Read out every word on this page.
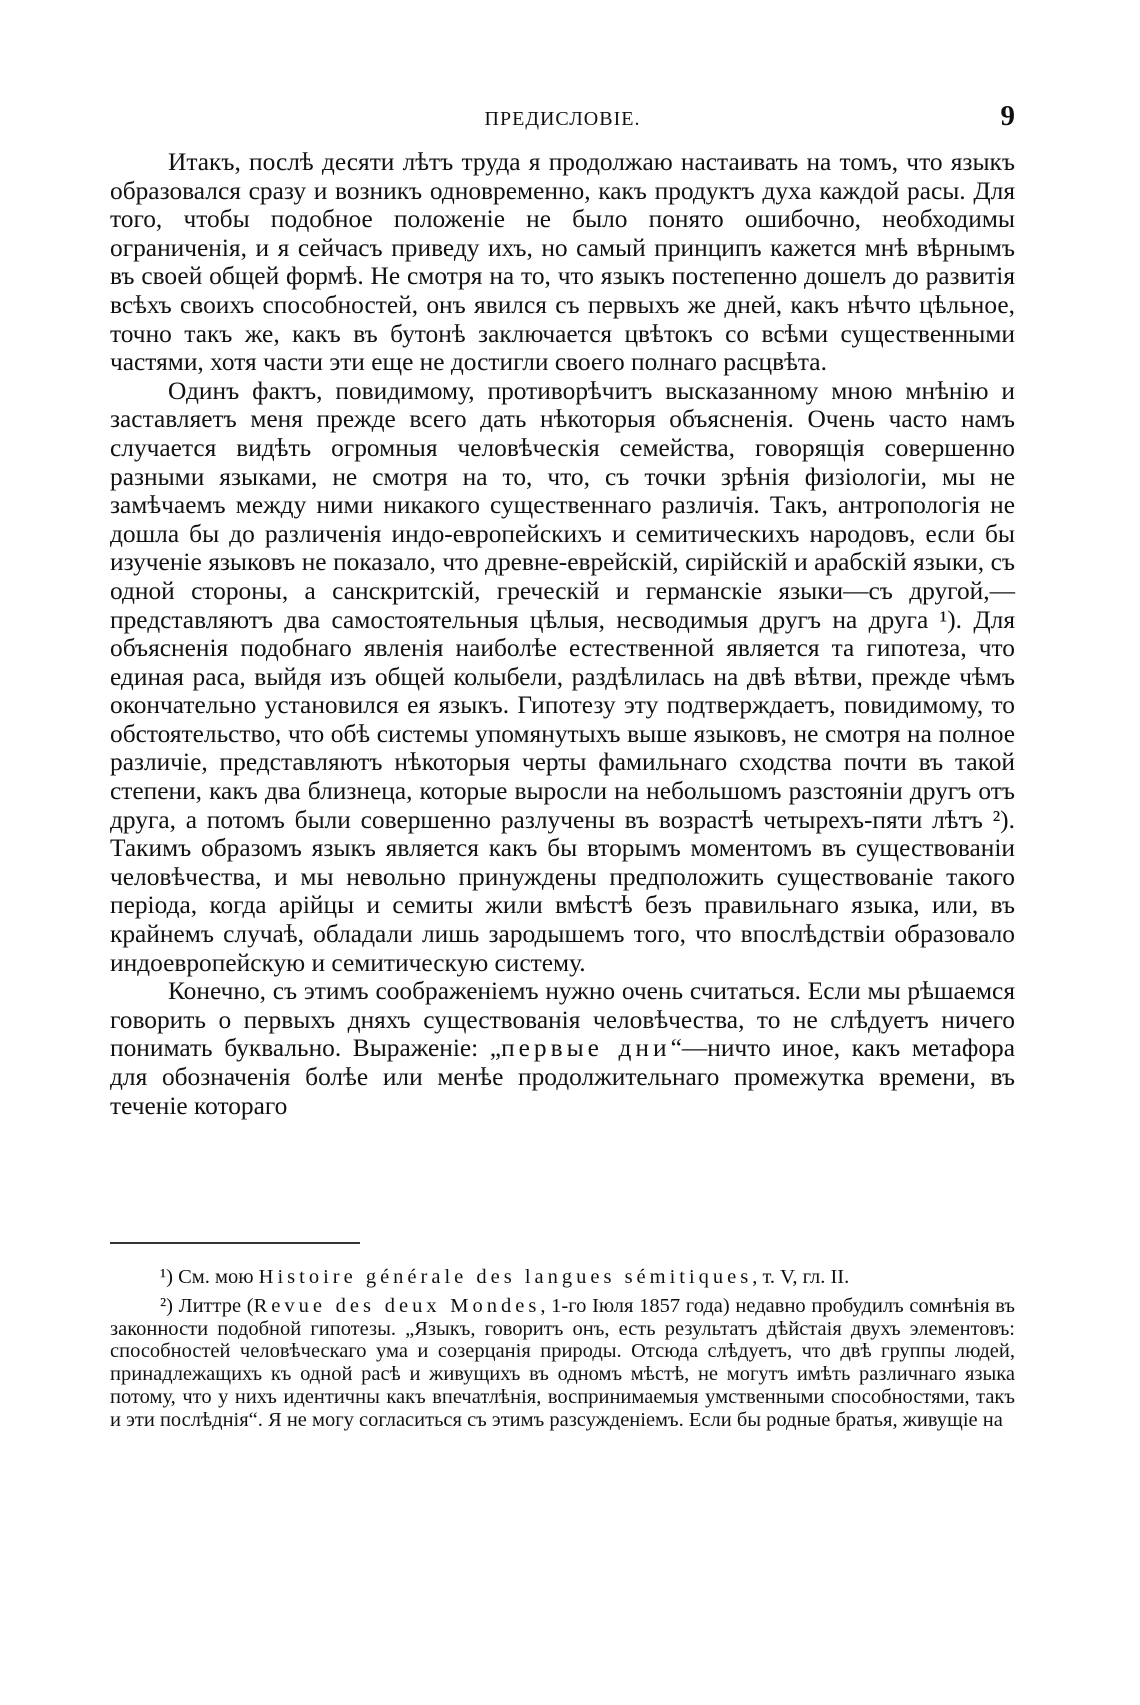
ПРЕДИСЛОВІЕ.	9

Итакъ, послѣ десяти лѣтъ труда я продолжаю настаивать на томъ, что языкъ образовался сразу и возникъ одновременно, какъ продуктъ духа каждой расы. Для того, чтобы подобное положеніе не было понято ошибочно, необходимы ограниченія, и я сейчасъ приведу ихъ, но самый принципъ кажется мнѣ вѣрнымъ въ своей общей формѣ. Не смотря на то, что языкъ постепенно дошелъ до развитія всѣхъ своихъ способностей, онъ явился съ первыхъ же дней, какъ нѣчто цѣльное, точно такъ же, какъ въ бутонѣ заключается цвѣтокъ со всѣми существенными частями, хотя части эти еще не достигли своего полнаго расцвѣта.

Одинъ фактъ, повидимому, противорѣчитъ высказанному мною мнѣнію и заставляетъ меня прежде всего дать нѣкоторыя объясненія. Очень часто намъ случается видѣть огромныя человѣческія семейства, говорящія совершенно разными языками, не смотря на то, что, съ точки зрѣнія физіологіи, мы не замѣчаемъ между ними никакого существеннаго различія. Такъ, антропологія не дошла бы до различенія индо-европейскихъ и семитическихъ народовъ, если бы изученіе языковъ не показало, что древне-еврейскій, сирійскій и арабскій языки, съ одной стороны, а санскритскій, греческій и германскіе языки—съ другой,—представляютъ два самостоятельныя цѣлыя, несводимыя другъ на друга ¹). Для объясненія подобнаго явленія наиболѣе естественной является та гипотеза, что единая раса, выйдя изъ общей колыбели, раздѣлилась на двѣ вѣтви, прежде чѣмъ окончательно установился ея языкъ. Гипотезу эту подтверждаетъ, повидимому, то обстоятельство, что обѣ системы упомянутыхъ выше языковъ, не смотря на полное различіе, представляютъ нѣкоторыя черты фамильнаго сходства почти въ такой степени, какъ два близнеца, которые выросли на небольшомъ разстояніи другъ отъ друга, а потомъ были совершенно разлучены въ возрастѣ четырехъ-пяти лѣтъ ²). Такимъ образомъ языкъ является какъ бы вторымъ моментомъ въ существованіи человѣчества, и мы невольно принуждены предположить существованіе такого періода, когда арійцы и семиты жили вмѣстѣ безъ правильнаго языка, или, въ крайнемъ случаѣ, обладали лишь зародышемъ того, что впослѣдствіи образовало индоевропейскую и семитическую систему.

Конечно, съ этимъ соображеніемъ нужно очень считаться. Если мы рѣшаемся говорить о первыхъ дняхъ существованія человѣчества, то не слѣдуетъ ничего понимать буквально. Выраженіе: „первые дни“—ничто иное, какъ метафора для обозначенія болѣе или менѣе продолжительнаго промежутка времени, въ теченіе котораго

¹) См. мою Histoire générale des langues sémitiques, т. V, гл. II.

²) Литтре (Revue des deux Mondes, 1-го Іюля 1857 года) недавно пробудилъ сомнѣнія въ законности подобной гипотезы. „Языкъ, говоритъ онъ, есть результатъ дѣйстаія двухъ элементовъ: способностей человѣческаго ума и созерцанія природы. Отсюда слѣдуетъ, что двѣ группы людей, принадлежащихъ къ одной расѣ и живущихъ въ одномъ мѣстѣ, не могутъ имѣть различнаго языка потому, что у нихъ идентичны какъ впечатлѣнія, воспринимаемыя умственными способностями, такъ и эти послѣднія“. Я не могу согласиться съ этимъ разсужденіемъ. Если бы родные братья, живущіе на
